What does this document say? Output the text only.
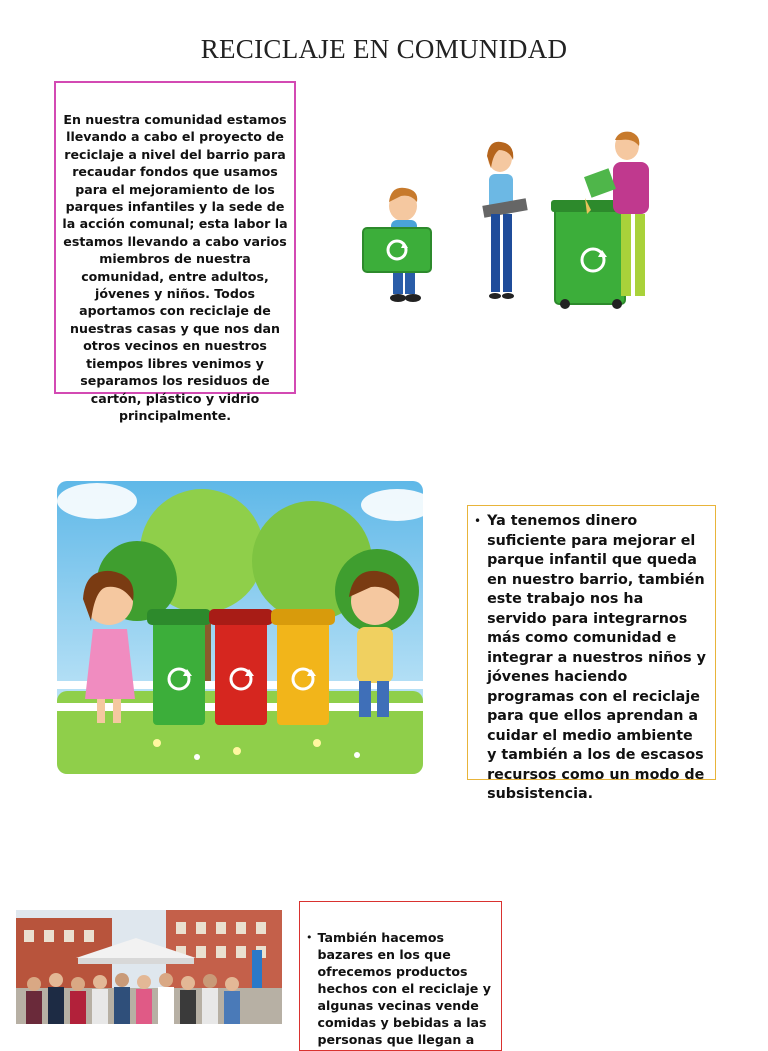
RECICLAJE EN COMUNIDAD

En nuestra comunidad estamos llevando a cabo el proyecto de reciclaje a nivel del barrio para recaudar fondos que usamos para el mejoramiento de los parques infantiles y la sede de la acción comunal; esta labor la estamos llevando a cabo varios miembros de nuestra comunidad, entre adultos, jóvenes y niños. Todos aportamos con reciclaje de nuestras casas y que nos dan otros vecinos en nuestros tiempos libres venimos y separamos los residuos de cartón, plástico y vidrio principalmente.

• Ya tenemos dinero suficiente para mejorar el parque infantil que queda en nuestro barrio, también este trabajo nos ha servido para integrarnos más como comunidad e integrar a nuestros niños y jóvenes haciendo programas con el reciclaje para que ellos aprendan a cuidar el medio ambiente y también a los de escasos recursos como un modo de subsistencia.

• También hacemos bazares en los que ofrecemos productos hechos con el reciclaje y algunas vecinas vende comidas y bebidas a las personas que llegan a
